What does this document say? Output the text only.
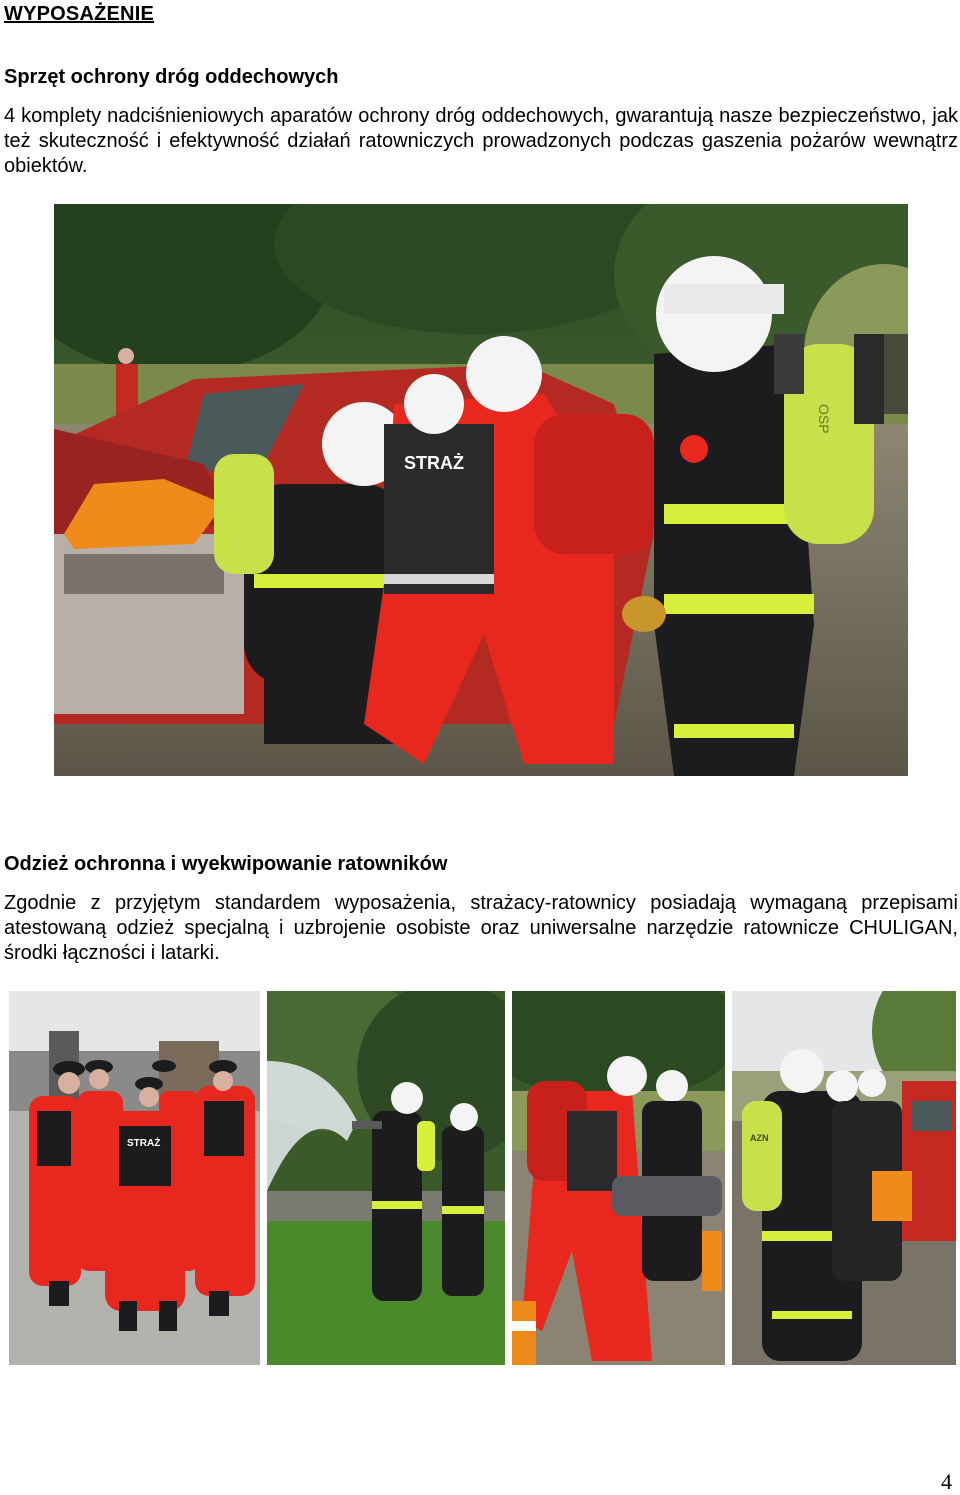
WYPOSAŻENIE
Sprzęt ochrony dróg oddechowych
4 komplety nadciśnieniowych aparatów ochrony dróg oddechowych, gwarantują nasze bezpieczeństwo, jak też skuteczność i efektywność działań ratowniczych prowadzonych podczas gaszenia pożarów wewnątrz obiektów.
STRAŻ
OSP
Odzież ochronna i wyekwipowanie ratowników
Zgodnie z przyjętym standardem wyposażenia, strażacy-ratownicy posiadają wymaganą przepisami atestowaną odzież specjalną i uzbrojenie osobiste oraz uniwersalne narzędzie ratownicze CHULIGAN, środki łączności i latarki.
STRAŻ	AZN
4
